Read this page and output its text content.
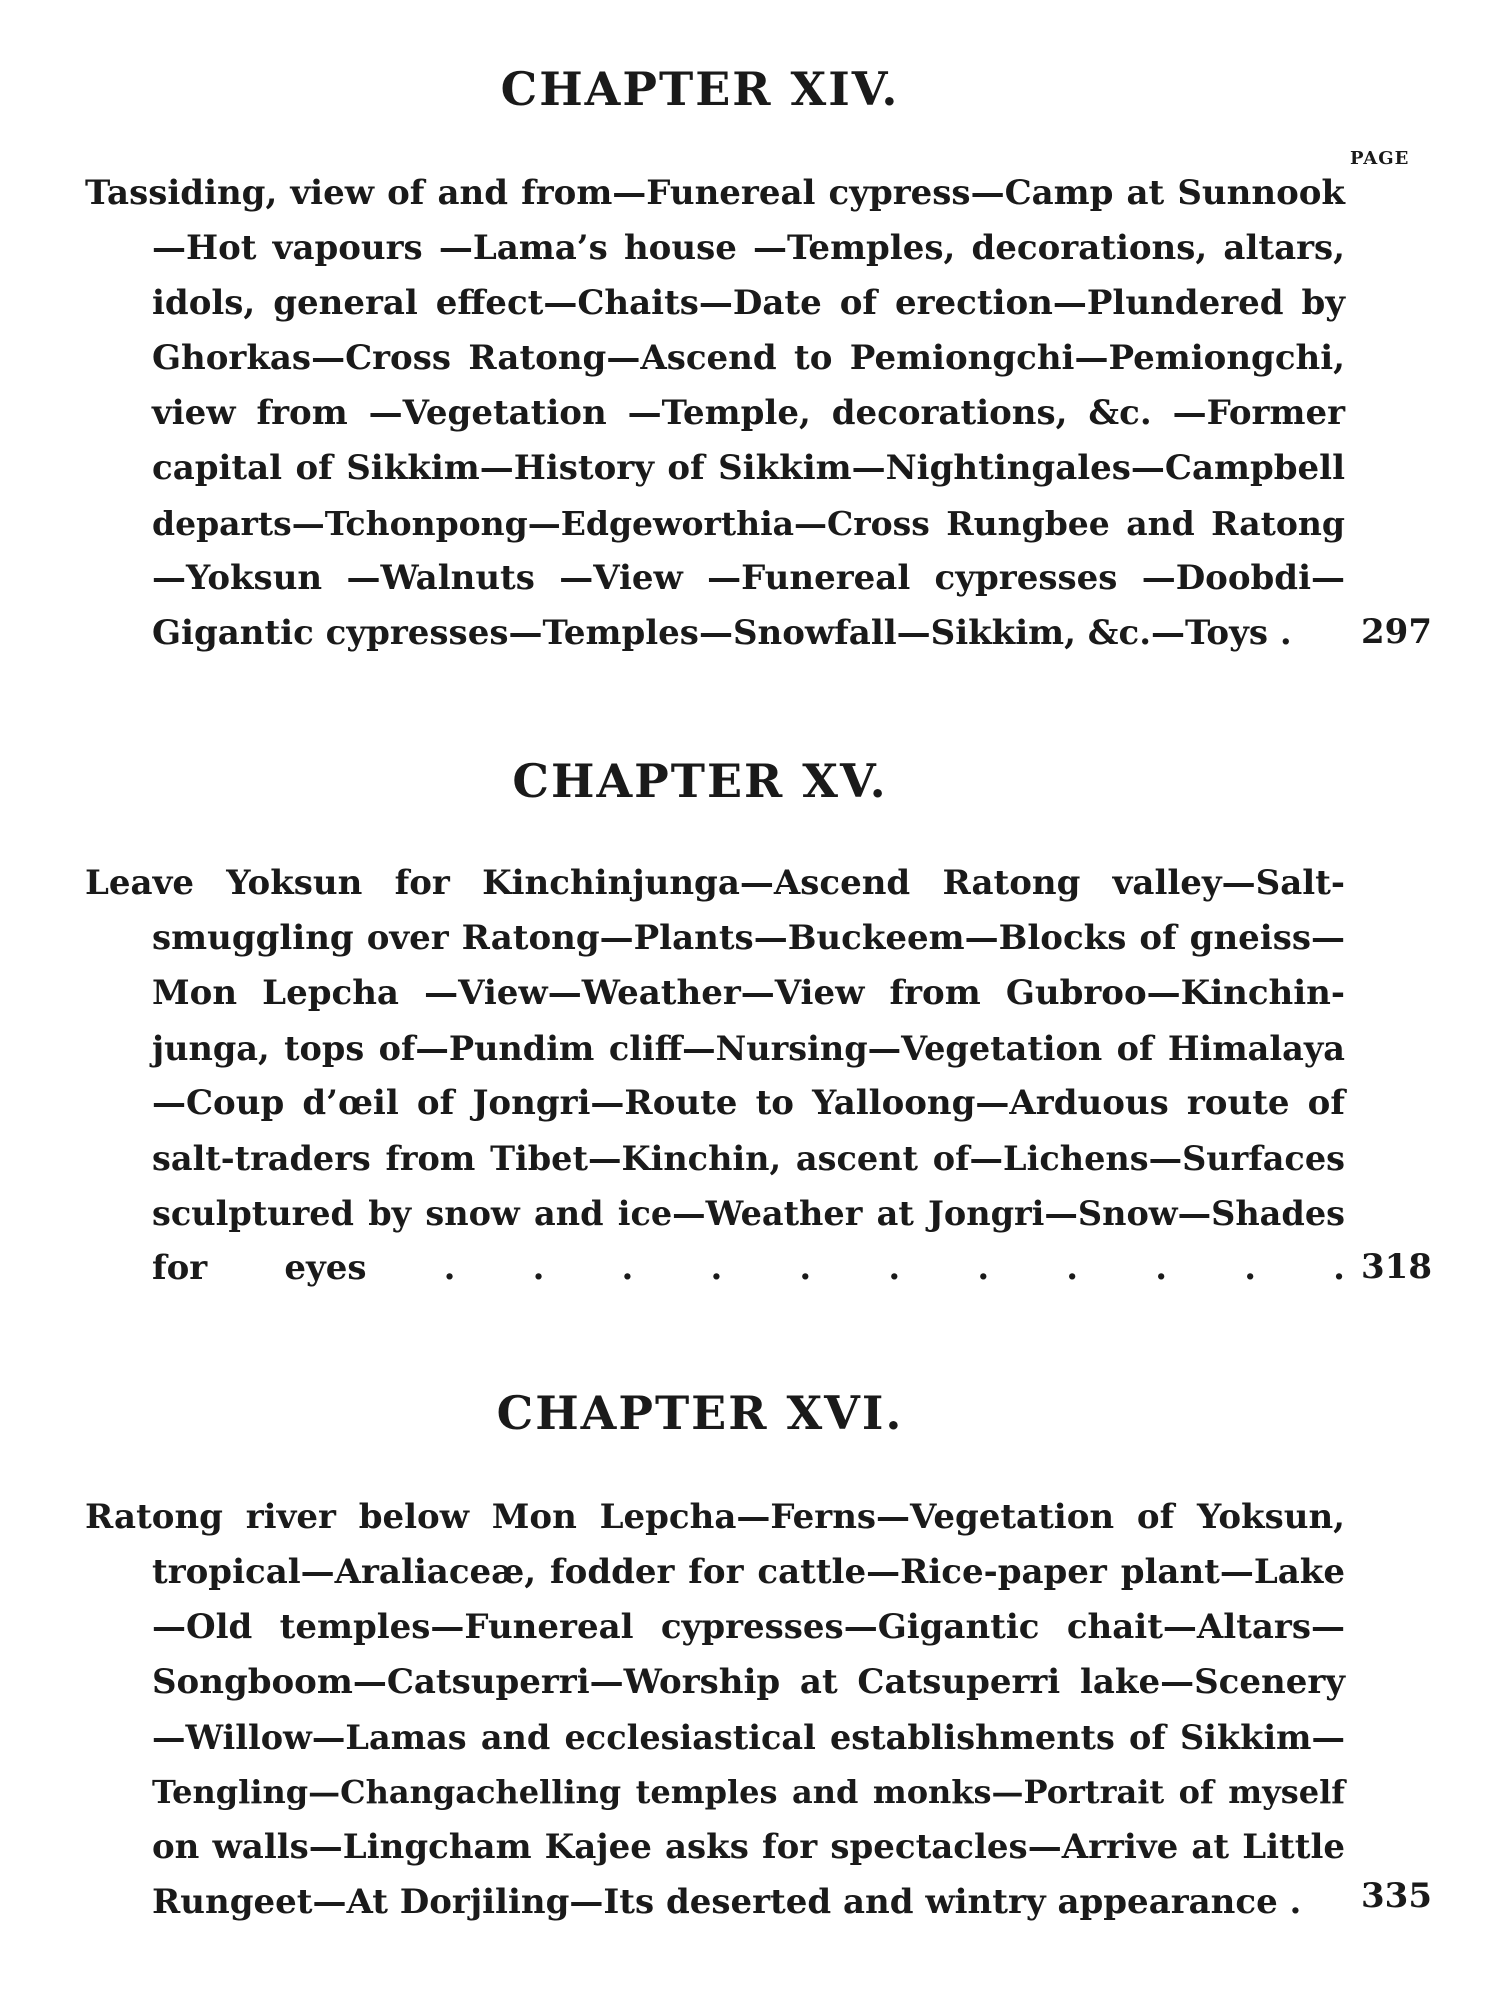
CHAPTER XIV.
PAGE
Tassiding, view of and from—Funereal cypress—Camp at Sunnook
—Hot vapours —Lama’s house —Temples, decorations, altars,
idols, general effect—Chaits—Date of erection—Plundered by
Ghorkas—Cross Ratong—Ascend to Pemiongchi—Pemiongchi,
view from —Vegetation —Temple, decorations, &c. —Former
capital of Sikkim—History of Sikkim—Nightingales—Campbell
departs—Tchonpong—Edgeworthia—Cross Rungbee and Ratong
—Yoksun —Walnuts —View —Funereal cypresses —Doobdi—
Gigantic cypresses—Temples—Snowfall—Sikkim, &c.—Toys .	297
CHAPTER XV.
Leave Yoksun for Kinchinjunga—Ascend Ratong valley—Salt-
smuggling over Ratong—Plants—Buckeem—Blocks of gneiss—
Mon Lepcha —View—Weather—View from Gubroo—Kinchin-
junga, tops of—Pundim cliff—Nursing—Vegetation of Himalaya
—Coup d’œil of Jongri—Route to Yalloong—Arduous route of
salt-traders from Tibet—Kinchin, ascent of—Lichens—Surfaces
sculptured by snow and ice—Weather at Jongri—Snow—Shades
for eyes . . . . . . . . . . . 318
CHAPTER XVI.
Ratong river below Mon Lepcha—Ferns—Vegetation of Yoksun,
tropical—Araliaceæ, fodder for cattle—Rice-paper plant—Lake
—Old temples—Funereal cypresses—Gigantic chait—Altars—
Songboom—Catsuperri—Worship at Catsuperri lake—Scenery
—Willow—Lamas and ecclesiastical establishments of Sikkim—
Tengling—Changachelling temples and monks—Portrait of myself
on walls—Lingcham Kajee asks for spectacles—Arrive at Little
Rungeet—At Dorjiling—Its deserted and wintry appearance .	335
